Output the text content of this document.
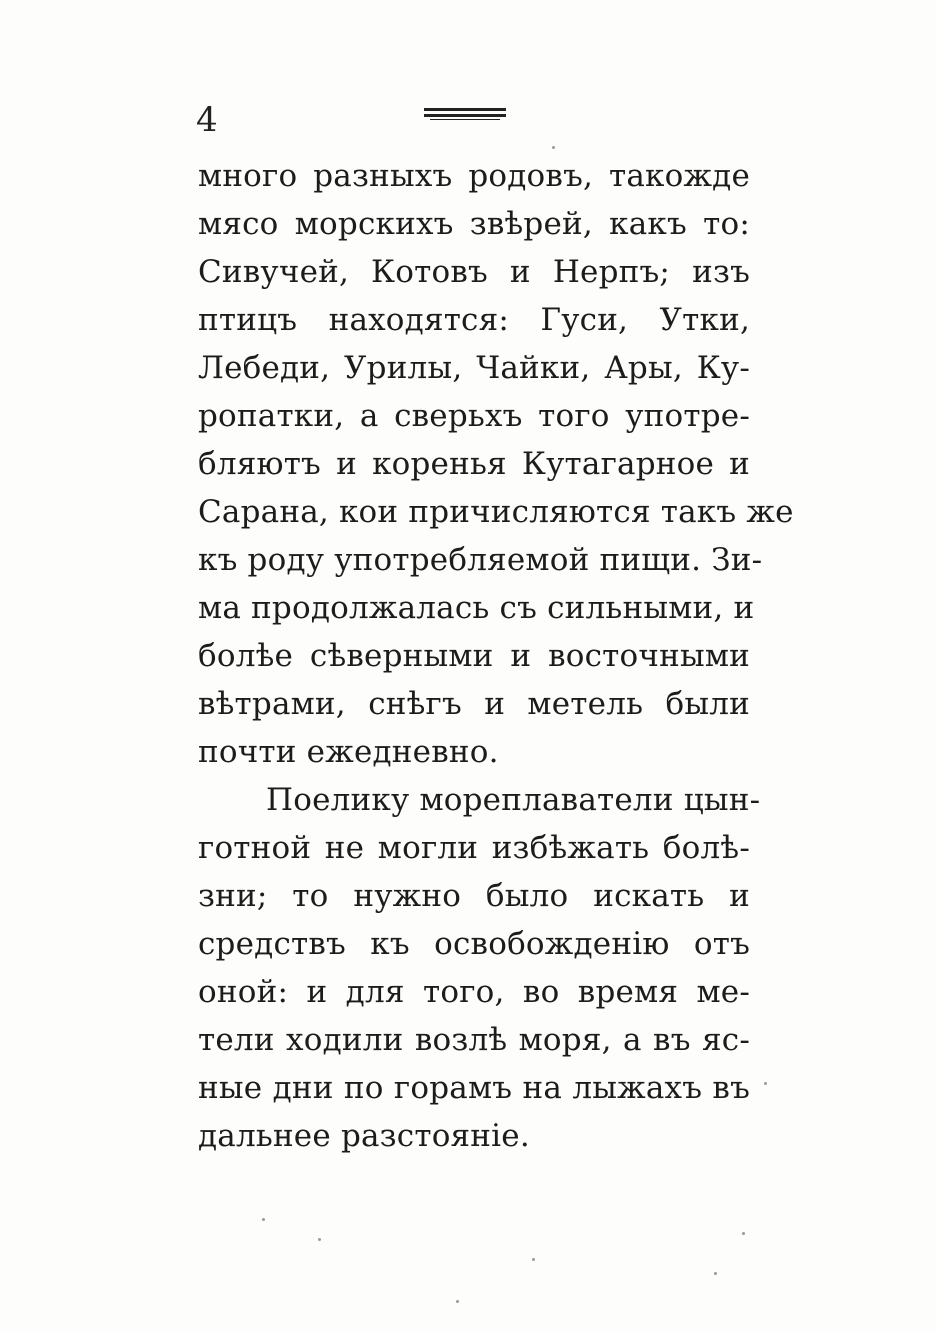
4
много разныхъ родовъ, такожде
мясо морскихъ звѣрей, какъ то:
Сивучей, Котовъ и Нерпъ; изъ
птицъ находятся: Гуси, Утки,
Лебеди, Урилы, Чайки, Ары, Ку-
ропатки, а сверьхъ того употре-
бляютъ и коренья Кутагарное и
Сарана, кои причисляются такъ же
къ роду употребляемой пищи. Зи-
ма продолжалась съ сильными, и
болѣе сѣверными и восточными
вѣтрами, снѣгъ и метель были
почти ежедневно.
Поелику мореплаватели цын-
готной не могли избѣжать болѣ-
зни; то нужно было искать и
средствъ къ освобожденію отъ
оной: и для того, во время ме-
тели ходили возлѣ моря, а въ яс-
ные дни по горамъ на лыжахъ въ
дальнее разстояніе.
